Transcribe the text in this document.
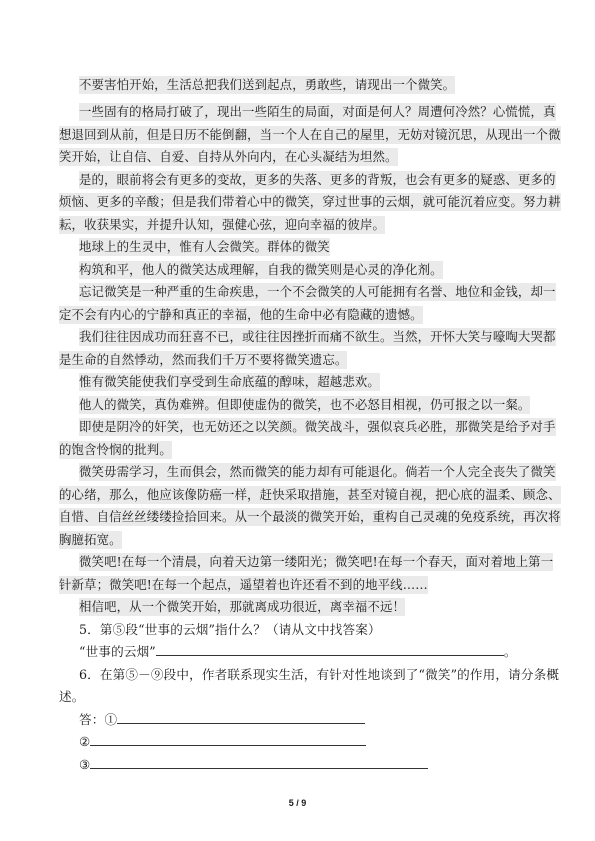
不要害怕开始，生活总把我们送到起点，勇敢些，请现出一个微笑。
一些固有的格局打破了，现出一些陌生的局面，对面是何人？周遭何冷然？心慌慌，真
想退回到从前，但是日历不能倒翻，当一个人在自己的屋里，无妨对镜沉思，从现出一个微
笑开始，让自信、自爱、自持从外向内，在心头凝结为坦然。
是的，眼前将会有更多的变故，更多的失落、更多的背叛，也会有更多的疑惑、更多的
烦恼、更多的辛酸；但是我们带着心中的微笑，穿过世事的云烟，就可能沉着应变。努力耕
耘，收获果实，并提升认知，强健心弦，迎向幸福的彼岸。
地球上的生灵中，惟有人会微笑。群体的微笑
构筑和平，他人的微笑达成理解，自我的微笑则是心灵的净化剂。
忘记微笑是一种严重的生命疾患，一个不会微笑的人可能拥有名誉、地位和金钱，却一
定不会有内心的宁静和真正的幸福，他的生命中必有隐藏的遗憾。
我们往往因成功而狂喜不已，或往往因挫折而痛不欲生。当然，开怀大笑与嚎啕大哭都
是生命的自然悸动，然而我们千万不要将微笑遗忘。
惟有微笑能使我们享受到生命底蕴的醇味，超越悲欢。
他人的微笑，真伪难辨。但即使虚伪的微笑，也不必怒目相视，仍可报之以一粲。
即使是阴冷的奸笑，也无妨还之以笑颜。微笑战斗，强似哀兵必胜，那微笑是给予对手
的饱含怜悯的批判。
微笑毋需学习，生而俱会，然而微笑的能力却有可能退化。倘若一个人完全丧失了微笑
的心绪，那么，他应该像防癌一样，赶快采取措施，甚至对镜自视，把心底的温柔、顾念、
自惜、自信丝丝缕缕捡拾回来。从一个最淡的微笑开始，重构自己灵魂的免疫系统，再次将
胸臆拓宽。
微笑吧!在每一个清晨，向着天边第一缕阳光；微笑吧!在每一个春天，面对着地上第一
针新草；微笑吧!在每一个起点，遥望着也许还看不到的地平线……
相信吧，从一个微笑开始，那就离成功很近，离幸福不远！
5．第⑤段“世事的云烟”指什么？（请从文中找答案）
“世事的云烟”	。
6．在第⑤－⑨段中，作者联系现实生活，有针对性地谈到了“微笑”的作用，请分条概
述。
答：①
②
③
5 / 9
